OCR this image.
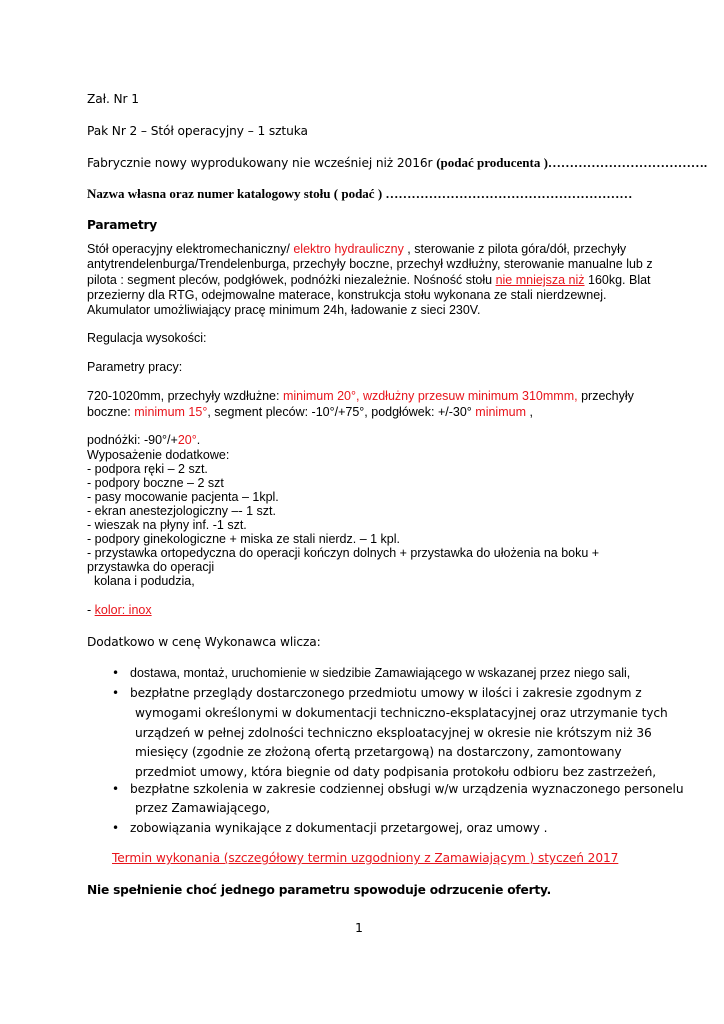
Zał. Nr 1
Pak Nr 2 – Stół operacyjny – 1 sztuka
Fabrycznie nowy wyprodukowany nie wcześniej niż 2016r (podać producenta )……………………………….
Nazwa własna oraz numer katalogowy stołu ( podać ) …………………………………………………
Parametry
Stół operacyjny elektromechaniczny/ elektro hydrauliczny , sterowanie z pilota góra/dół, przechyły
antytrendelenburga/Trendelenburga, przechyły boczne, przechył wzdłużny, sterowanie manualne lub z
pilota : segment pleców, podgłówek, podnóżki niezależnie. Nośność stołu nie mniejsza niż 160kg. Blat
przezierny dla RTG, odejmowalne materace, konstrukcja stołu wykonana ze stali nierdzewnej.
Akumulator umożliwiający pracę minimum 24h, ładowanie z sieci 230V.
Regulacja wysokości:
Parametry pracy:
720-1020mm, przechyły wzdłużne: minimum 20°, wzdłużny przesuw minimum 310mmm, przechyły
boczne: minimum 15°, segment pleców: -10°/+75°, podgłówek: +/-30° minimum ,
podnóżki: -90°/+20°.
Wyposażenie dodatkowe:
- podpora ręki – 2 szt.
- podpory boczne – 2 szt
- pasy mocowanie pacjenta – 1kpl.
- ekran anestezjologiczny –- 1 szt.
- wieszak na płyny inf. -1 szt.
- podpory ginekologiczne + miska ze stali nierdz. – 1 kpl.
- przystawka ortopedyczna do operacji kończyn dolnych + przystawka do ułożenia na boku +
przystawka do operacji
kolana i podudzia,
- kolor: inox
Dodatkowo w cenę Wykonawca wlicza:
• dostawa, montaż, uruchomienie w siedzibie Zamawiającego w wskazanej przez niego sali,
• bezpłatne przeglądy dostarczonego przedmiotu umowy w ilości i zakresie zgodnym z
wymogami określonymi w dokumentacji techniczno-eksplatacyjnej oraz utrzymanie tych
urządzeń w pełnej zdolności techniczno eksploatacyjnej w okresie nie krótszym niż 36
miesięcy (zgodnie ze złożoną ofertą przetargową) na dostarczony, zamontowany
przedmiot umowy, która biegnie od daty podpisania protokołu odbioru bez zastrzeżeń,
• bezpłatne szkolenia w zakresie codziennej obsługi w/w urządzenia wyznaczonego personelu
przez Zamawiającego,
• zobowiązania wynikające z dokumentacji przetargowej, oraz umowy .
Termin wykonania (szczegółowy termin uzgodniony z Zamawiającym ) styczeń 2017
Nie spełnienie choć jednego parametru spowoduje odrzucenie oferty.
1
